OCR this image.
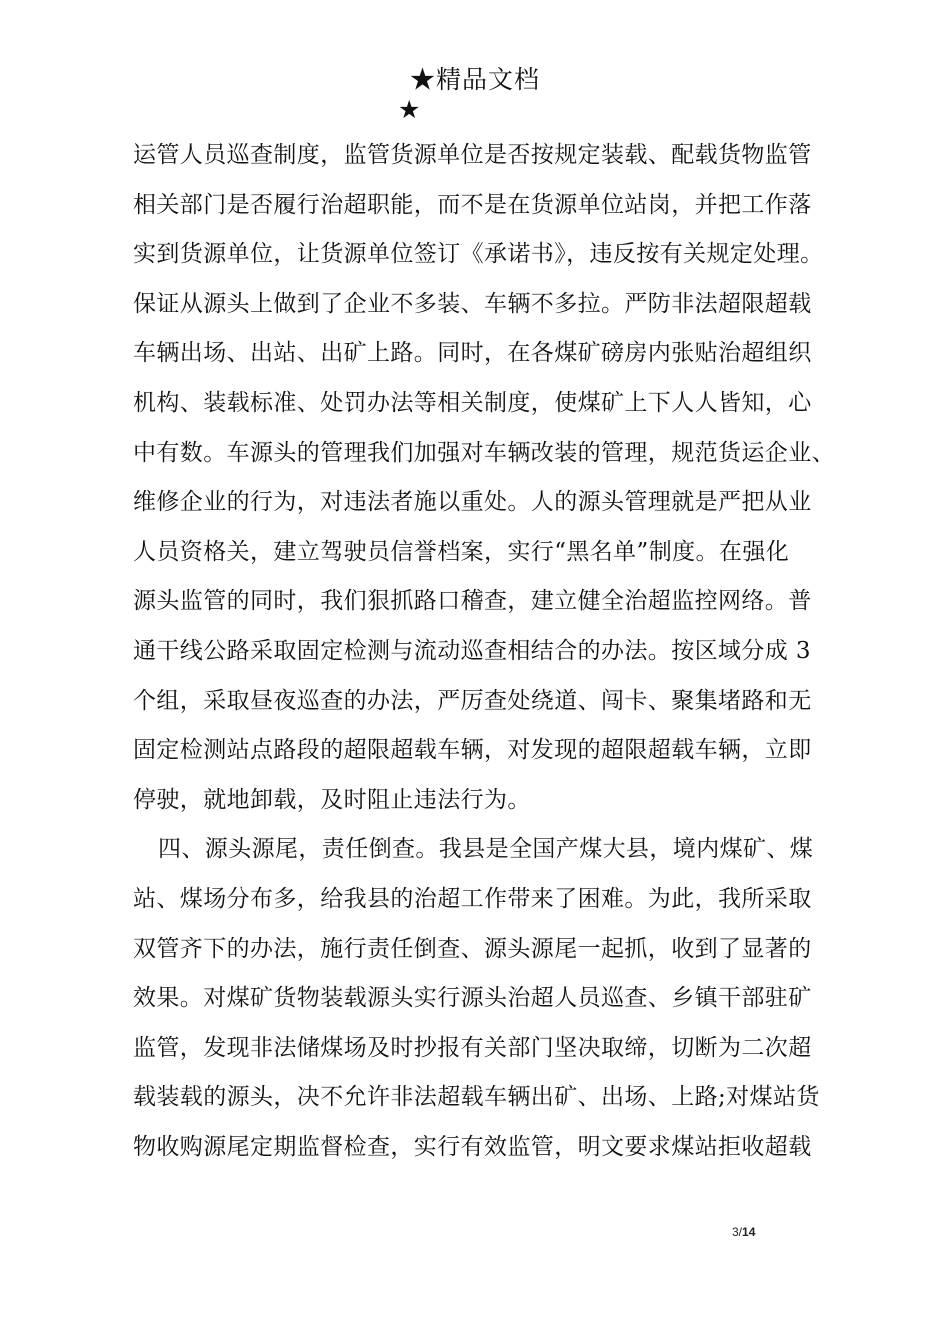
★精品文档
★
运管人员巡查制度，监管货源单位是否按规定装载、配载货物监管
相关部门是否履行治超职能，而不是在货源单位站岗，并把工作落
实到货源单位，让货源单位签订《承诺书》，违反按有关规定处理。
保证从源头上做到了企业不多装、车辆不多拉。严防非法超限超载
车辆出场、出站、出矿上路。同时，在各煤矿磅房内张贴治超组织
机构、装载标准、处罚办法等相关制度，使煤矿上下人人皆知，心
中有数。车源头的管理我们加强对车辆改装的管理，规范货运企业、
维修企业的行为，对违法者施以重处。人的源头管理就是严把从业
人员资格关，建立驾驶员信誉档案，实行“黑名单”制度。在强化
源头监管的同时，我们狠抓路口稽查，建立健全治超监控网络。普
通干线公路采取固定检测与流动巡查相结合的办法。按区域分成 3
个组，采取昼夜巡查的办法，严厉查处绕道、闯卡、聚集堵路和无
固定检测站点路段的超限超载车辆，对发现的超限超载车辆，立即
停驶，就地卸载，及时阻止违法行为。
四、源头源尾，责任倒查。我县是全国产煤大县，境内煤矿、煤
站、煤场分布多，给我县的治超工作带来了困难。为此，我所采取
双管齐下的办法，施行责任倒查、源头源尾一起抓，收到了显著的
效果。对煤矿货物装载源头实行源头治超人员巡查、乡镇干部驻矿
监管，发现非法储煤场及时抄报有关部门坚决取缔，切断为二次超
载装载的源头，决不允许非法超载车辆出矿、出场、上路;对煤站货
物收购源尾定期监督检查，实行有效监管，明文要求煤站拒收超载
3/14
